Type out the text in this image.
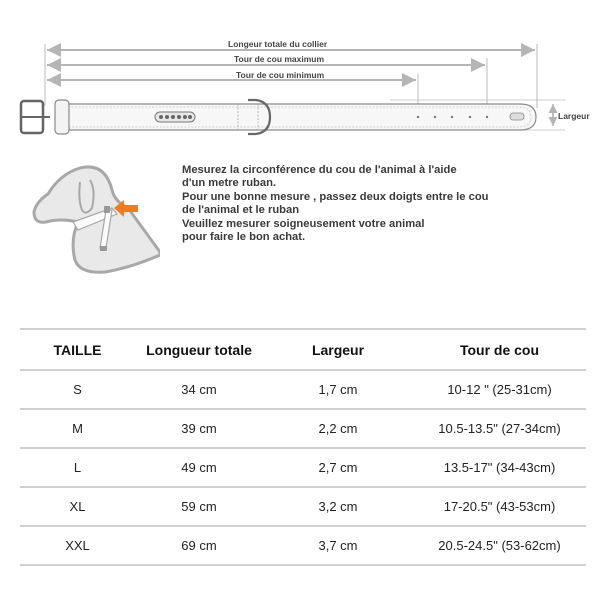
Longeur totale du collier
Tour de cou maximum
Tour de cou minimum
Largeur
Mesurez la circonférence du cou de l'animal à l'aide
d'un metre ruban.
Pour une bonne mesure , passez deux doigts entre le cou
de l'animal et le ruban
Veuillez mesurer soigneusement votre animal
pour faire le bon achat.
TAILLE	Longueur totale	Largeur	Tour de cou
S	34 cm	1,7 cm	10-12 " (25-31cm)
M	39 cm	2,2 cm	10.5-13.5" (27-34cm)
L	49 cm	2,7 cm	13.5-17" (34-43cm)
XL	59 cm	3,2 cm	17-20.5" (43-53cm)
XXL	69 cm	3,7 cm	20.5-24.5" (53-62cm)
